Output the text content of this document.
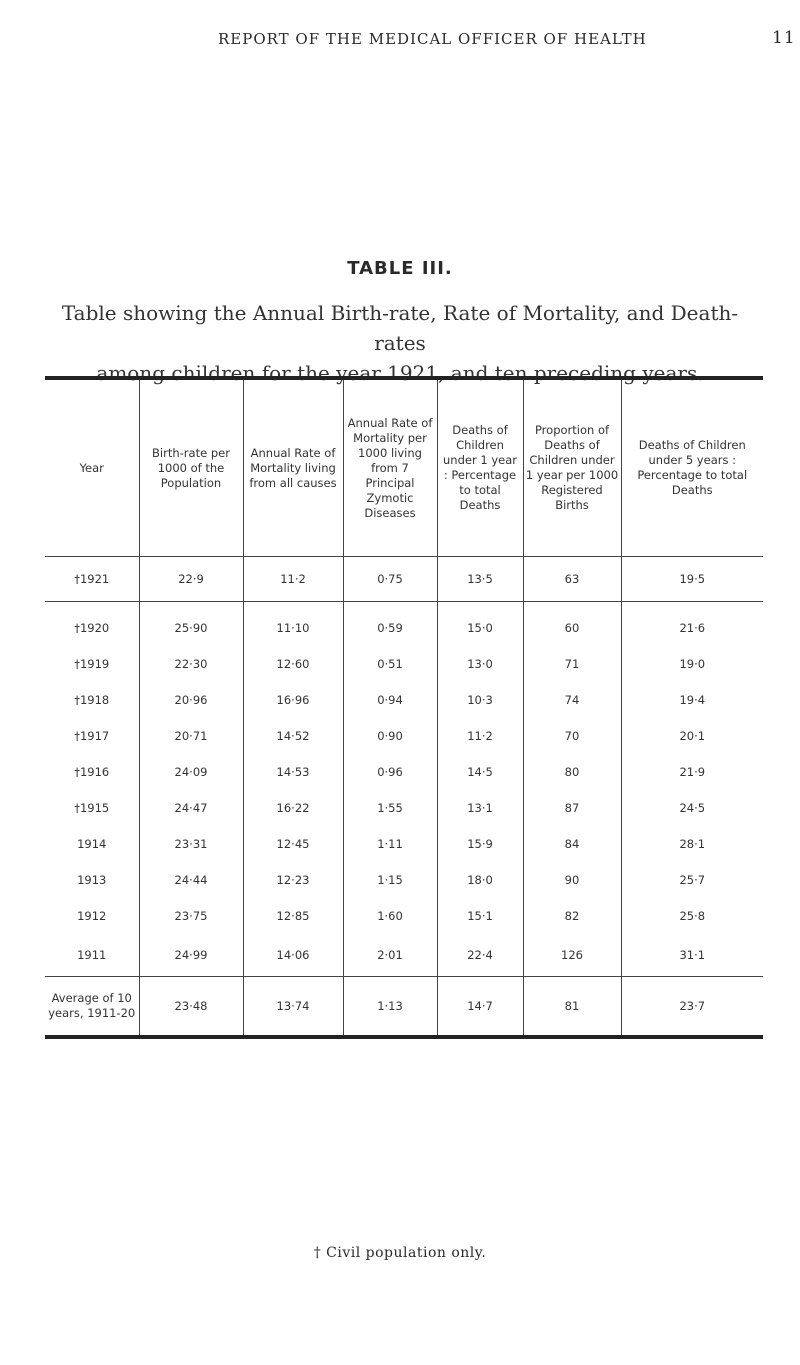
REPORT OF THE MEDICAL OFFICER OF HEALTH	11
TABLE III.
Table showing the Annual Birth-rate, Rate of Mortality, and Death-rates
among children for the year 1921, and ten preceding years.
Year	Birth-rate per 1000 of the Population	Annual Rate of Mortality living from all causes	Annual Rate of Mortality per 1000 living from 7 Principal Zymotic Diseases	Deaths of Children under 1 year : Percentage to total Deaths	Proportion of Deaths of Children under 1 year per 1000 Registered Births	Deaths of Children under 5 years : Percentage to total Deaths
†1921	22·9	11·2	0·75	13·5	63	19·5

†1920	25·90	11·10	0·59	15·0	60	21·6
†1919	22·30	12·60	0·51	13·0	71	19·0
†1918	20·96	16·96	0·94	10·3	74	19·4
†1917	20·71	14·52	0·90	11·2	70	20·1
†1916	24·09	14·53	0·96	14·5	80	21·9
†1915	24·47	16·22	1·55	13·1	87	24·5
1914	23·31	12·45	1·11	15·9	84	28·1
1913	24·44	12·23	1·15	18·0	90	25·7
1912	23·75	12·85	1·60	15·1	82	25·8
1911	24·99	14·06	2·01	22·4	126	31·1
Average of 10 years, 1911-20	23·48	13·74	1·13	14·7	81	23·7
† Civil population only.
